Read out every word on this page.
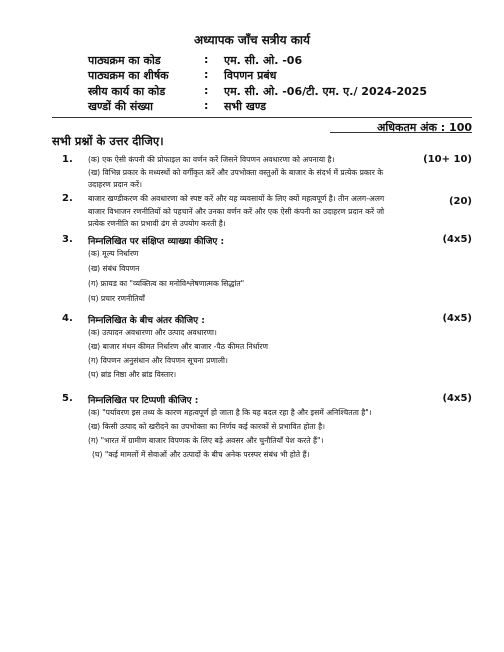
अध्यापक जाँच सत्रीय कार्य
पाठ्यक्रम का कोड	: एम. सी. ओ. -06
पाठ्यक्रम का शीर्षक	: विपणन प्रबंध
स्त्रीय कार्य का कोड	: एम. सी. ओ. -06/टी. एम. ए./ 2024-2025
खण्डों की संख्या	: सभी खण्ड
अधिकतम अंक : 100
सभी प्रश्नों के उत्तर दीजिए।
1.	(10+ 10)
(क) एक ऐसी कंपनी की प्रोफाइल का वर्णन करें जिसने विपणन अवधारणा को अपनाया है।
(ख) विभिन्न प्रकार के मध्यस्थों को वर्गीकृत करें और उपभोक्ता वस्तुओं के बाजार के संदर्भ में प्रत्येक प्रकार के
उदाहरण प्रदान करें।
2.	(20)
बाजार खण्डीकरण की अवधारणा को स्पष्ट करें और यह व्यवसायों के लिए क्यों महत्वपूर्ण है। तीन अलग-अलग
बाजार विभाजन रणनीतियों को पहचानें और उनका वर्णन करें और एक ऐसी कंपनी का उदाहरण प्रदान करें जो
प्रत्येक रणनीति का प्रभावी ढंग से उपयोग करती है।
3.	(4x5)
निम्नलिखित पर संक्षिप्त व्याख्या कीजिए :
(क) मूल्य निर्धारण
(ख) संबंध विपणन
(ग) फ्रायड का "व्यक्तित्व का मनोविश्लेषणात्मक सिद्धांत"
(घ) प्रचार रणनीतियाँ
4.	(4x5)
निम्नलिखित के बीच अंतर कीजिए :
(क) उत्पादन अवधारणा और उत्पाद अवधारणा।
(ख) बाजार मंथन कीमत निर्धारण और बाजार -पैठ कीमत निर्धारण
(ग) विपणन अनुसंधान और विपणन सूचना प्रणाली।
(घ) ब्रांड निष्ठा और ब्रांड विस्तार।
5.	(4x5)
निम्नलिखित पर टिप्पणी कीजिए :
(क) "पर्यावरण इस तथ्य के कारण महत्वपूर्ण हो जाता है कि यह बदल रहा है और इसमें अनिश्चितता है"।
(ख) किसी उत्पाद को खरीदने का उपभोक्ता का निर्णय कई कारकों से प्रभावित होता है।
(ग) "भारत में ग्रामीण बाजार विपणक के लिए बड़े अवसर और चुनौतियाँ पेश करते हैं"।
(घ) "कई मामलों में सेवाओं और उत्पादों के बीच अनेक परस्पर संबंध भी होते हैं।
